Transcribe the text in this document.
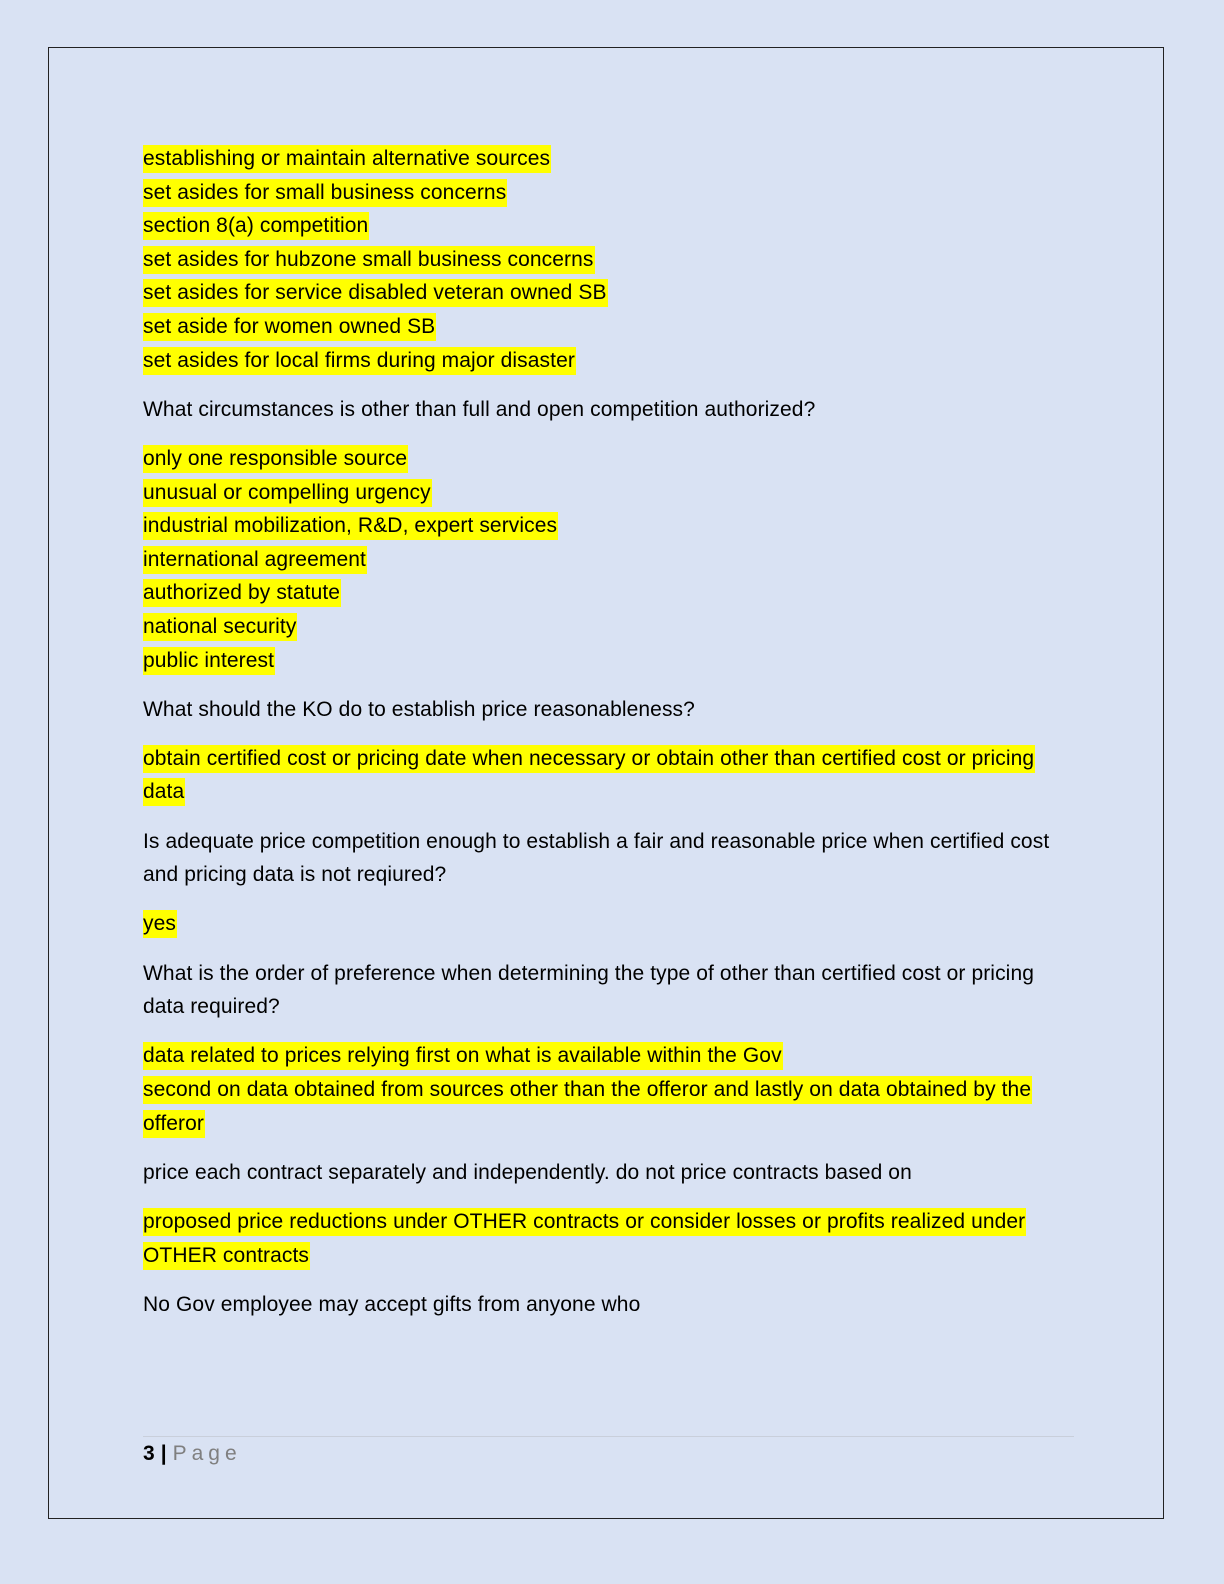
establishing or maintain alternative sources
set asides for small business concerns
section 8(a) competition
set asides for hubzone small business concerns
set asides for service disabled veteran owned SB
set aside for women owned SB
set asides for local firms during major disaster
What circumstances is other than full and open competition authorized?
only one responsible source
unusual or compelling urgency
industrial mobilization, R&D, expert services
international agreement
authorized by statute
national security
public interest
What should the KO do to establish price reasonableness?
obtain certified cost or pricing date when necessary or obtain other than certified cost or pricing data
Is adequate price competition enough to establish a fair and reasonable price when certified cost and pricing data is not reqiured?
yes
What is the order of preference when determining the type of other than certified cost or pricing data required?
data related to prices relying first on what is available within the Gov
second on data obtained from sources other than the offeror and lastly on data obtained by the offeror
price each contract separately and independently. do not price contracts based on
proposed price reductions under OTHER contracts or consider losses or profits realized under OTHER contracts
No Gov employee may accept gifts from anyone who
3 | Page
